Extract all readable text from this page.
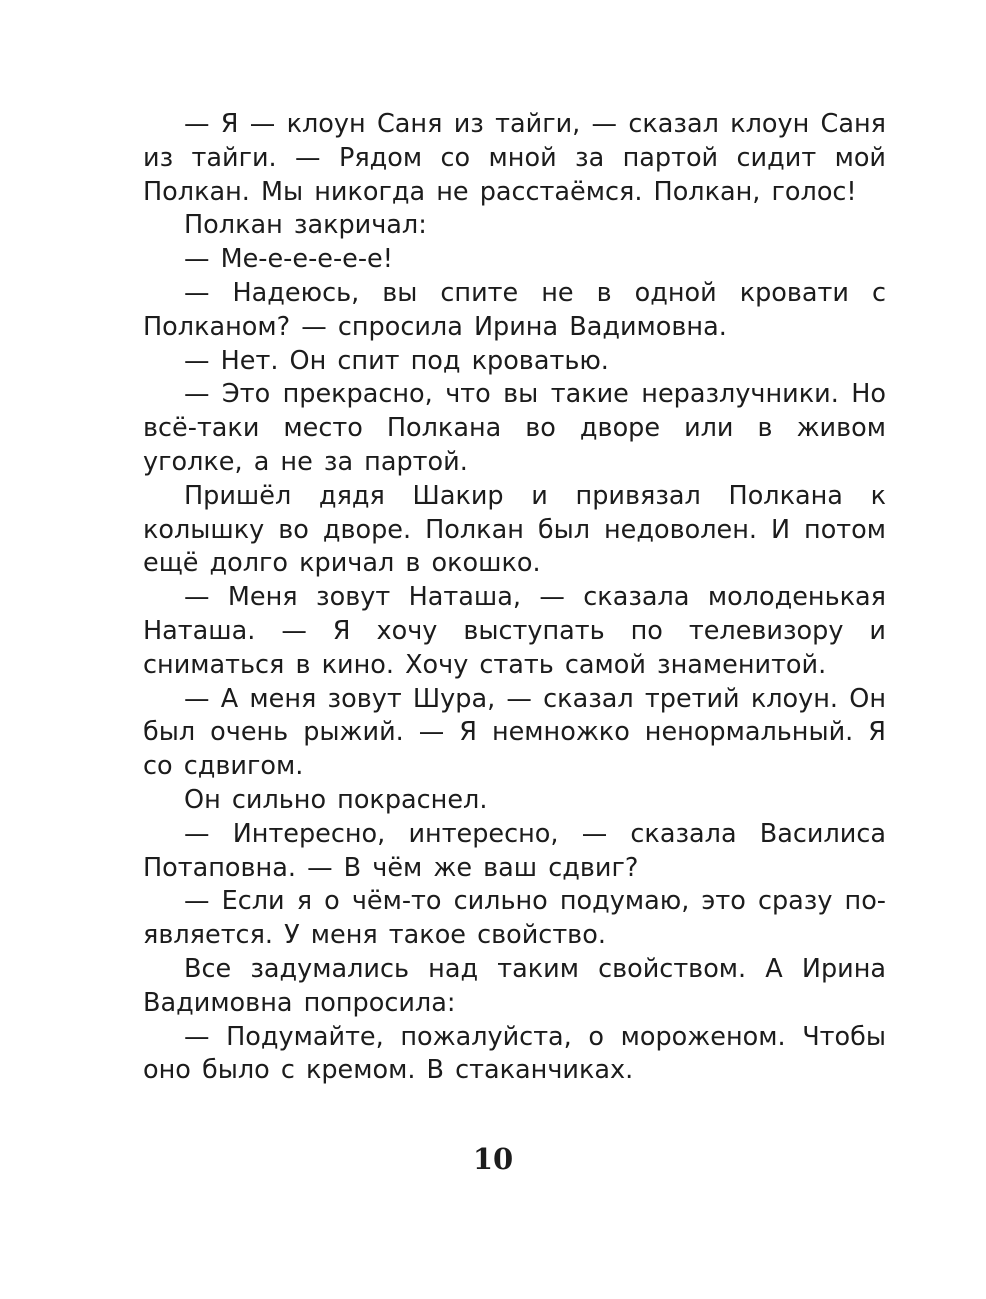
— Я — клоун Саня из тайги, — сказал клоун Саня из тайги. — Рядом со мной за партой сидит мой Полкан. Мы никогда не расстаёмся. Полкан, голос!

Полкан закричал:

— Ме-е-е-е-е-е!

— Надеюсь, вы спите не в одной кровати с Полканом? — спросила Ирина Вадимовна.

— Нет. Он спит под кроватью.

— Это прекрасно, что вы такие неразлучники. Но всё-таки место Полкана во дворе или в живом уголке, а не за партой.

Пришёл дядя Шакир и привязал Полкана к колышку во дворе. Полкан был недоволен. И потом ещё долго кричал в окошко.

— Меня зовут Наташа, — сказала молоденькая Наташа. — Я хочу выступать по телевизору и сниматься в кино. Хочу стать самой знаменитой.

— А меня зовут Шура, — сказал третий клоун. Он был очень рыжий. — Я немножко ненормальный. Я со сдвигом.

Он сильно покраснел.

— Интересно, интересно, — сказала Василиса Потаповна. — В чём же ваш сдвиг?

— Если я о чём-то сильно подумаю, это сразу появляется. У меня такое свойство.

Все задумались над таким свойством. А Ирина Вадимовна попросила:

— Подумайте, пожалуйста, о мороженом. Чтобы оно было с кремом. В стаканчиках.

10
